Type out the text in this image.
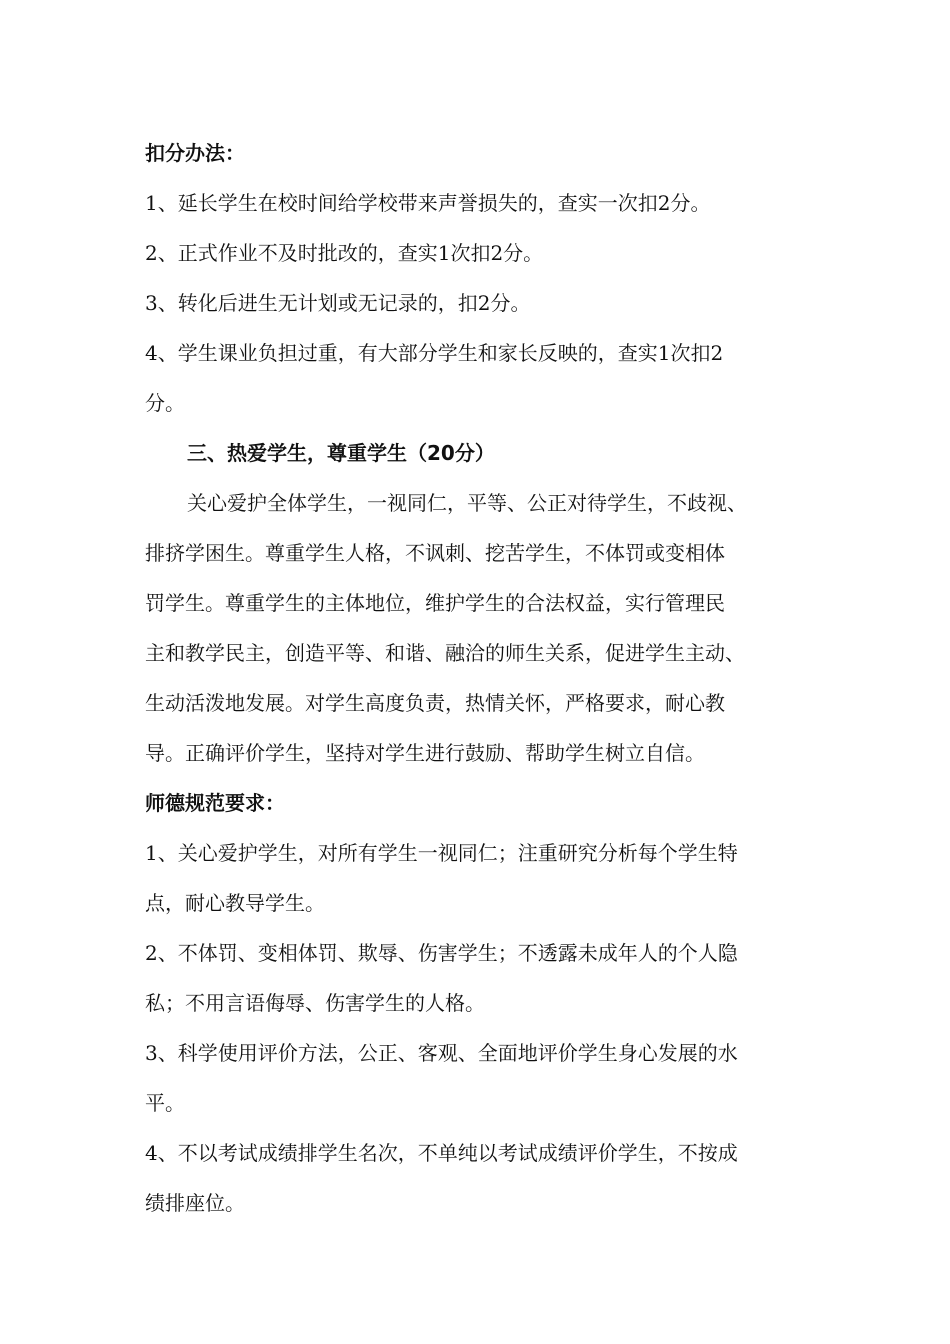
扣分办法：
1、延长学生在校时间给学校带来声誉损失的，查实一次扣2分。
2、正式作业不及时批改的，查实1次扣2分。
3、转化后进生无计划或无记录的，扣2分。
4、学生课业负担过重，有大部分学生和家长反映的，查实1次扣2
分。
三、热爱学生，尊重学生（20分）
关心爱护全体学生，一视同仁，平等、公正对待学生，不歧视、
排挤学困生。尊重学生人格，不讽刺、挖苦学生，不体罚或变相体
罚学生。尊重学生的主体地位，维护学生的合法权益，实行管理民
主和教学民主，创造平等、和谐、融洽的师生关系，促进学生主动、
生动活泼地发展。对学生高度负责，热情关怀，严格要求，耐心教
导。正确评价学生，坚持对学生进行鼓励、帮助学生树立自信。
师德规范要求：
1、关心爱护学生，对所有学生一视同仁；注重研究分析每个学生特
点，耐心教导学生。
2、不体罚、变相体罚、欺辱、伤害学生；不透露未成年人的个人隐
私；不用言语侮辱、伤害学生的人格。
3、科学使用评价方法，公正、客观、全面地评价学生身心发展的水
平。
4、不以考试成绩排学生名次，不单纯以考试成绩评价学生，不按成
绩排座位。
